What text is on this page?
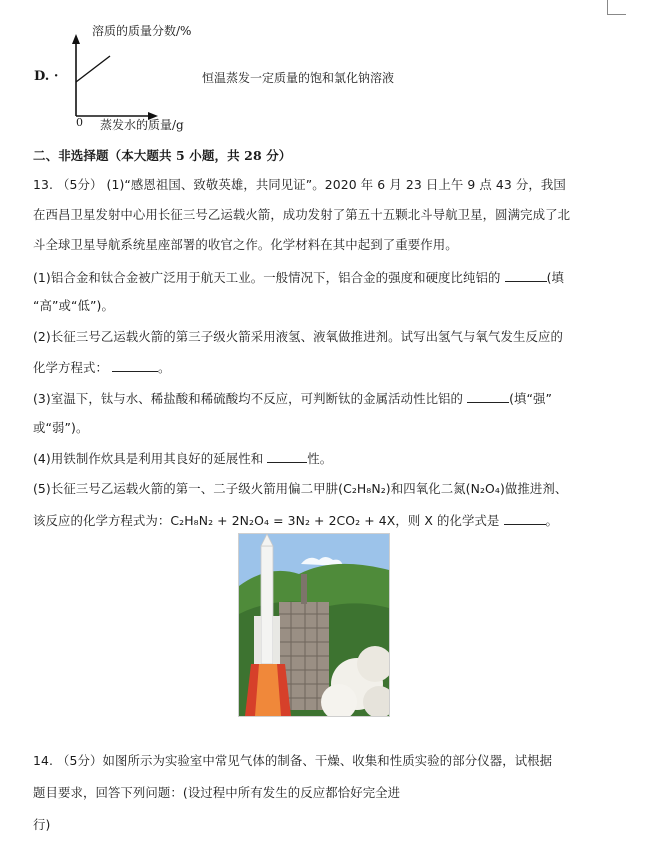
溶质的质量分数/%
0 蒸发水的质量/g
D. ·	恒温蒸发一定质量的饱和氯化钠溶液
二、非选择题（本大题共 5 小题，共 28 分）
13. （5分） (1)“感恩祖国、致敬英雄，共同见证”。2020 年 6 月 23 日上午 9 点 43 分，我国
在西昌卫星发射中心用长征三号乙运载火箭，成功发射了第五十五颗北斗导航卫星，圆满完成了北
斗全球卫星导航系统星座部署的收官之作。化学材料在其中起到了重要作用。
(1)铝合金和钛合金被广泛用于航天工业。一般情况下，铝合金的强度和硬度比纯铝的	(填
“高”或“低”)。
(2)长征三号乙运载火箭的第三子级火箭采用液氢、液氧做推进剂。试写出氢气与氧气发生反应的
化学方程式：	。
(3)室温下，钛与水、稀盐酸和稀硫酸均不反应，可判断钛的金属活动性比铝的	(填“强”
或“弱”)。
(4)用铁制作炊具是利用其良好的延展性和	性。
(5)长征三号乙运载火箭的第一、二子级火箭用偏二甲肼(C₂H₈N₂)和四氧化二氮(N₂O₄)做推进剂、
该反应的化学方程式为：C₂H₈N₂ + 2N₂O₄ = 3N₂ + 2CO₂ + 4X，则 X 的化学式是	。
14. （5分）如图所示为实验室中常见气体的制备、干燥、收集和性质实验的部分仪器，试根据
题目要求，回答下列问题：(设过程中所有发生的反应都恰好完全进
行)
